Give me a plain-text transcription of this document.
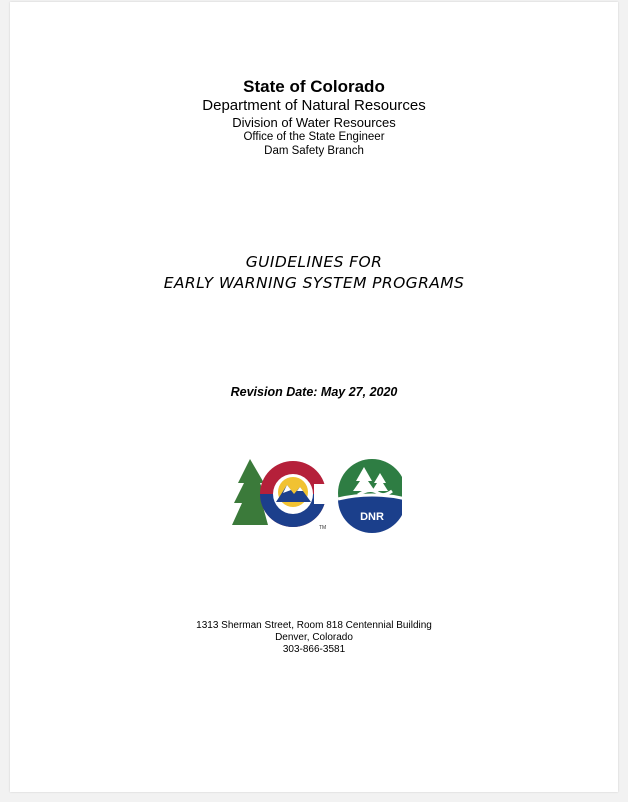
State of Colorado
Department of Natural Resources
Division of Water Resources
Office of the State Engineer
Dam Safety Branch
GUIDELINES FOR
EARLY WARNING SYSTEM PROGRAMS
Revision Date: May 27, 2020
TM
DNR
1313 Sherman Street, Room 818 Centennial Building
Denver, Colorado
303-866-3581
